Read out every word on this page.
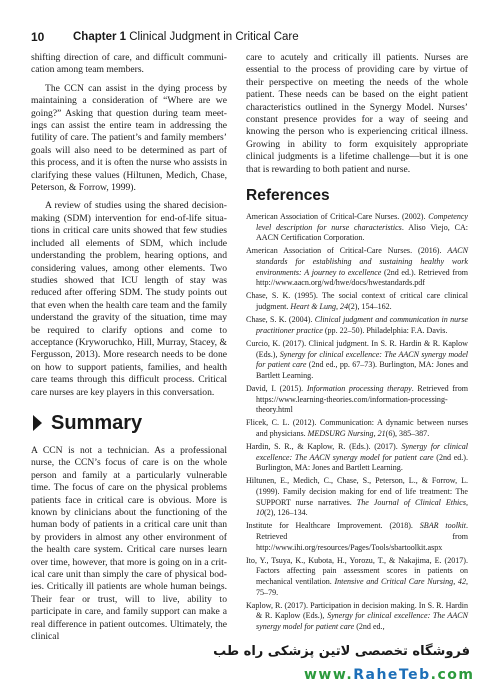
10 Chapter 1 Clinical Judgment in Critical Care

shifting direction of care, and difficult communication among team members.

The CCN can assist in the dying process by maintaining a consideration of “Where are we going?” Asking that question during team meetings can assist the entire team in addressing the futility of care. The patient’s and family members’ goals will also need to be determined as part of this process, and it is often the nurse who assists in clarifying these values (Hiltunen, Medich, Chase, Peterson, & Forrow, 1999).

A review of studies using the shared decision-making (SDM) intervention for end-of-life situations in critical care units showed that few studies included all elements of SDM, which include understanding the problem, hearing options, and considering values, among other elements. Two studies showed that ICU length of stay was reduced after offering SDM. The study points out that even when the health care team and the family understand the gravity of the situation, time may be required to clarify options and come to acceptance (Kryworuchko, Hill, Murray, Stacey, & Fergusson, 2013). More research needs to be done on how to support patients, families, and health care teams through this difficult process. Critical care nurses are key players in this conversation.

Summary

A CCN is not a technician. As a professional nurse, the CCN’s focus of care is on the whole person and family at a particularly vulnerable time. The focus of care on the physical problems patients face in critical care is obvious. More is known by clinicians about the functioning of the human body of patients in a critical care unit than by providers in almost any other environment of the health care system. Critical care nurses learn over time, however, that more is going on in a critical care unit than simply the care of physical bodies. Critically ill patients are whole human beings. Their fear or trust, will to live, ability to participate in care, and family support can make a real difference in patient outcomes. Ultimately, the clinical

care to acutely and critically ill patients. Nurses are essential to the process of providing care by virtue of their perspective on meeting the needs of the whole patient. These needs can be based on the eight patient characteristics outlined in the Synergy Model. Nurses’ constant presence provides for a way of seeing and knowing the person who is experiencing critical illness. Growing in ability to form exquisitely appropriate clinical judgments is a lifetime challenge—but it is one that is rewarding to both patient and nurse.

References
American Association of Critical-Care Nurses. (2002). Competency level description for nurse characteristics. Aliso Viejo, CA: AACN Certification Corporation.
American Association of Critical-Care Nurses. (2016). AACN standards for establishing and sustaining healthy work environments: A journey to excellence (2nd ed.). Retrieved from http://www.aacn.org/wd/hwe/docs/hwestandards.pdf
Chase, S. K. (1995). The social context of critical care clinical judgment. Heart & Lung, 24(2), 154–162.
Chase, S. K. (2004). Clinical judgment and communication in nurse practitioner practice (pp. 22–50). Philadelphia: F.A. Davis.
Curcio, K. (2017). Clinical judgment. In S. R. Hardin & R. Kaplow (Eds.), Synergy for clinical excellence: The AACN synergy model for patient care (2nd ed., pp. 67–73). Burlington, MA: Jones and Bartlett Learning.
David, I. (2015). Information processing therapy. Retrieved from https://www.learning-theories.com/information-processing-theory.html
Flicek, C. L. (2012). Communication: A dynamic between nurses and physicians. MEDSURG Nursing, 21(6), 385–387.
Hardin, S. R., & Kaplow, R. (Eds.). (2017). Synergy for clinical excellence: The AACN synergy model for patient care (2nd ed.). Burlington, MA: Jones and Bartlett Learning.
Hiltunen, E., Medich, C., Chase, S., Peterson, L., & Forrow, L. (1999). Family decision making for end of life treatment: The SUPPORT nurse narratives. The Journal of Clinical Ethics, 10(2), 126–134.
Institute for Healthcare Improvement. (2018). SBAR toolkit. Retrieved from http://www.ihi.org/resources/Pages/Tools/sbartoolkit.aspx
Ito, Y., Tsuya, K., Kubota, H., Yorozu, T., & Nakajima, E. (2017). Factors affecting pain assessment scores in patients on mechanical ventilation. Intensive and Critical Care Nursing, 42, 75–79.
Kaplow, R. (2017). Participation in decision making. In S. R. Hardin & R. Kaplow (Eds.), Synergy for clinical excellence: The AACN synergy model for patient care (2nd ed.,
فروشگاه تخصصی لاتین پزشکی راه طب
www.RaheTeb.com
